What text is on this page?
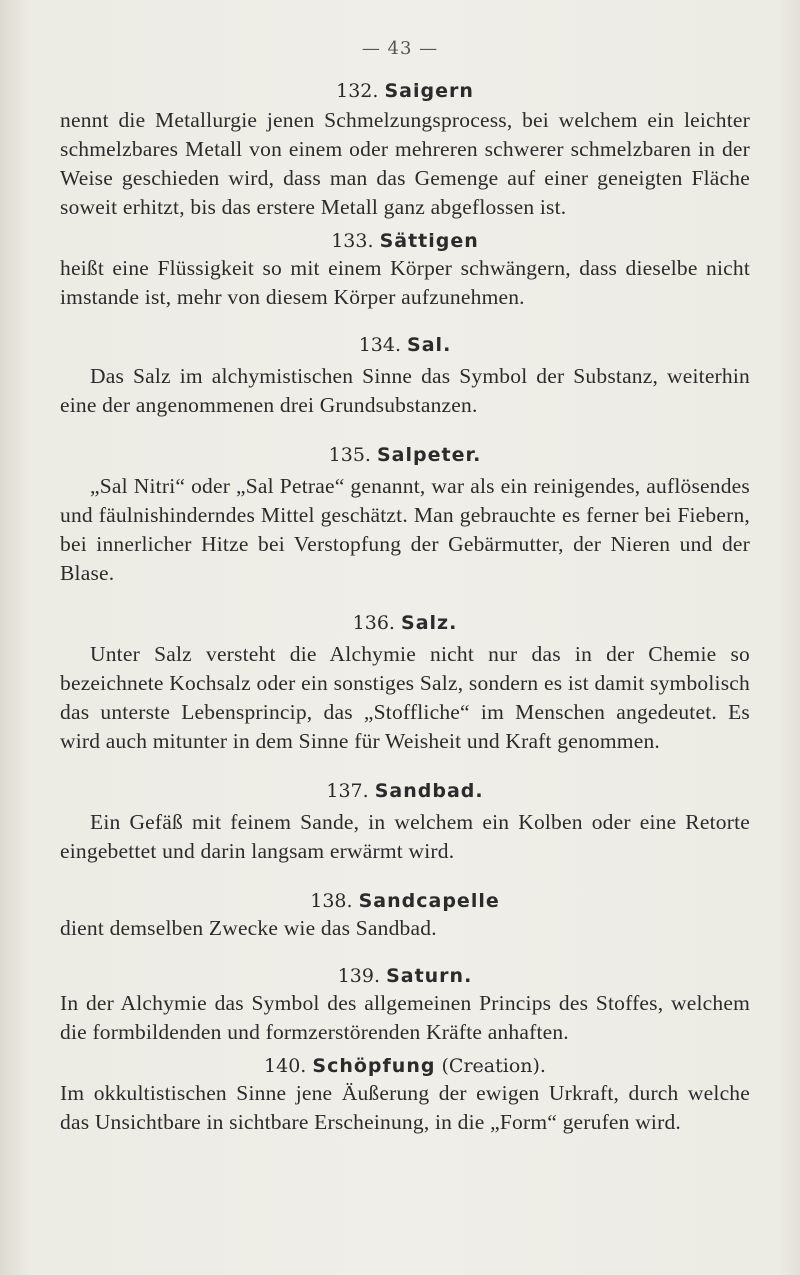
— 43 —

132. Saigern

nennt die Metallurgie jenen Schmelzungsprocess, bei welchem ein leichter schmelzbares Metall von einem oder mehreren schwerer schmelzbaren in der Weise geschieden wird, dass man das Gemenge auf einer geneigten Fläche soweit erhitzt, bis das erstere Metall ganz abgeflossen ist.

133. Sättigen

heißt eine Flüssigkeit so mit einem Körper schwängern, dass dieselbe nicht imstande ist, mehr von diesem Körper aufzunehmen.

134. Sal.

Das Salz im alchymistischen Sinne das Symbol der Substanz, weiterhin eine der angenommenen drei Grundsubstanzen.

135. Salpeter.

„Sal Nitri“ oder „Sal Petrae“ genannt, war als ein reinigendes, auflösendes und fäulnishinderndes Mittel geschätzt. Man gebrauchte es ferner bei Fiebern, bei innerlicher Hitze bei Verstopfung der Gebärmutter, der Nieren und der Blase.

136. Salz.

Unter Salz versteht die Alchymie nicht nur das in der Chemie so bezeichnete Kochsalz oder ein sonstiges Salz, sondern es ist damit symbolisch das unterste Lebensprincip, das „Stoffliche“ im Menschen angedeutet. Es wird auch mitunter in dem Sinne für Weisheit und Kraft genommen.

137. Sandbad.

Ein Gefäß mit feinem Sande, in welchem ein Kolben oder eine Retorte eingebettet und darin langsam erwärmt wird.

138. Sandcapelle

dient demselben Zwecke wie das Sandbad.

139. Saturn.

In der Alchymie das Symbol des allgemeinen Princips des Stoffes, welchem die formbildenden und formzerstörenden Kräfte anhaften.

140. Schöpfung (Creation).

Im okkultistischen Sinne jene Äußerung der ewigen Urkraft, durch welche das Unsichtbare in sichtbare Erscheinung, in die „Form“ gerufen wird.
